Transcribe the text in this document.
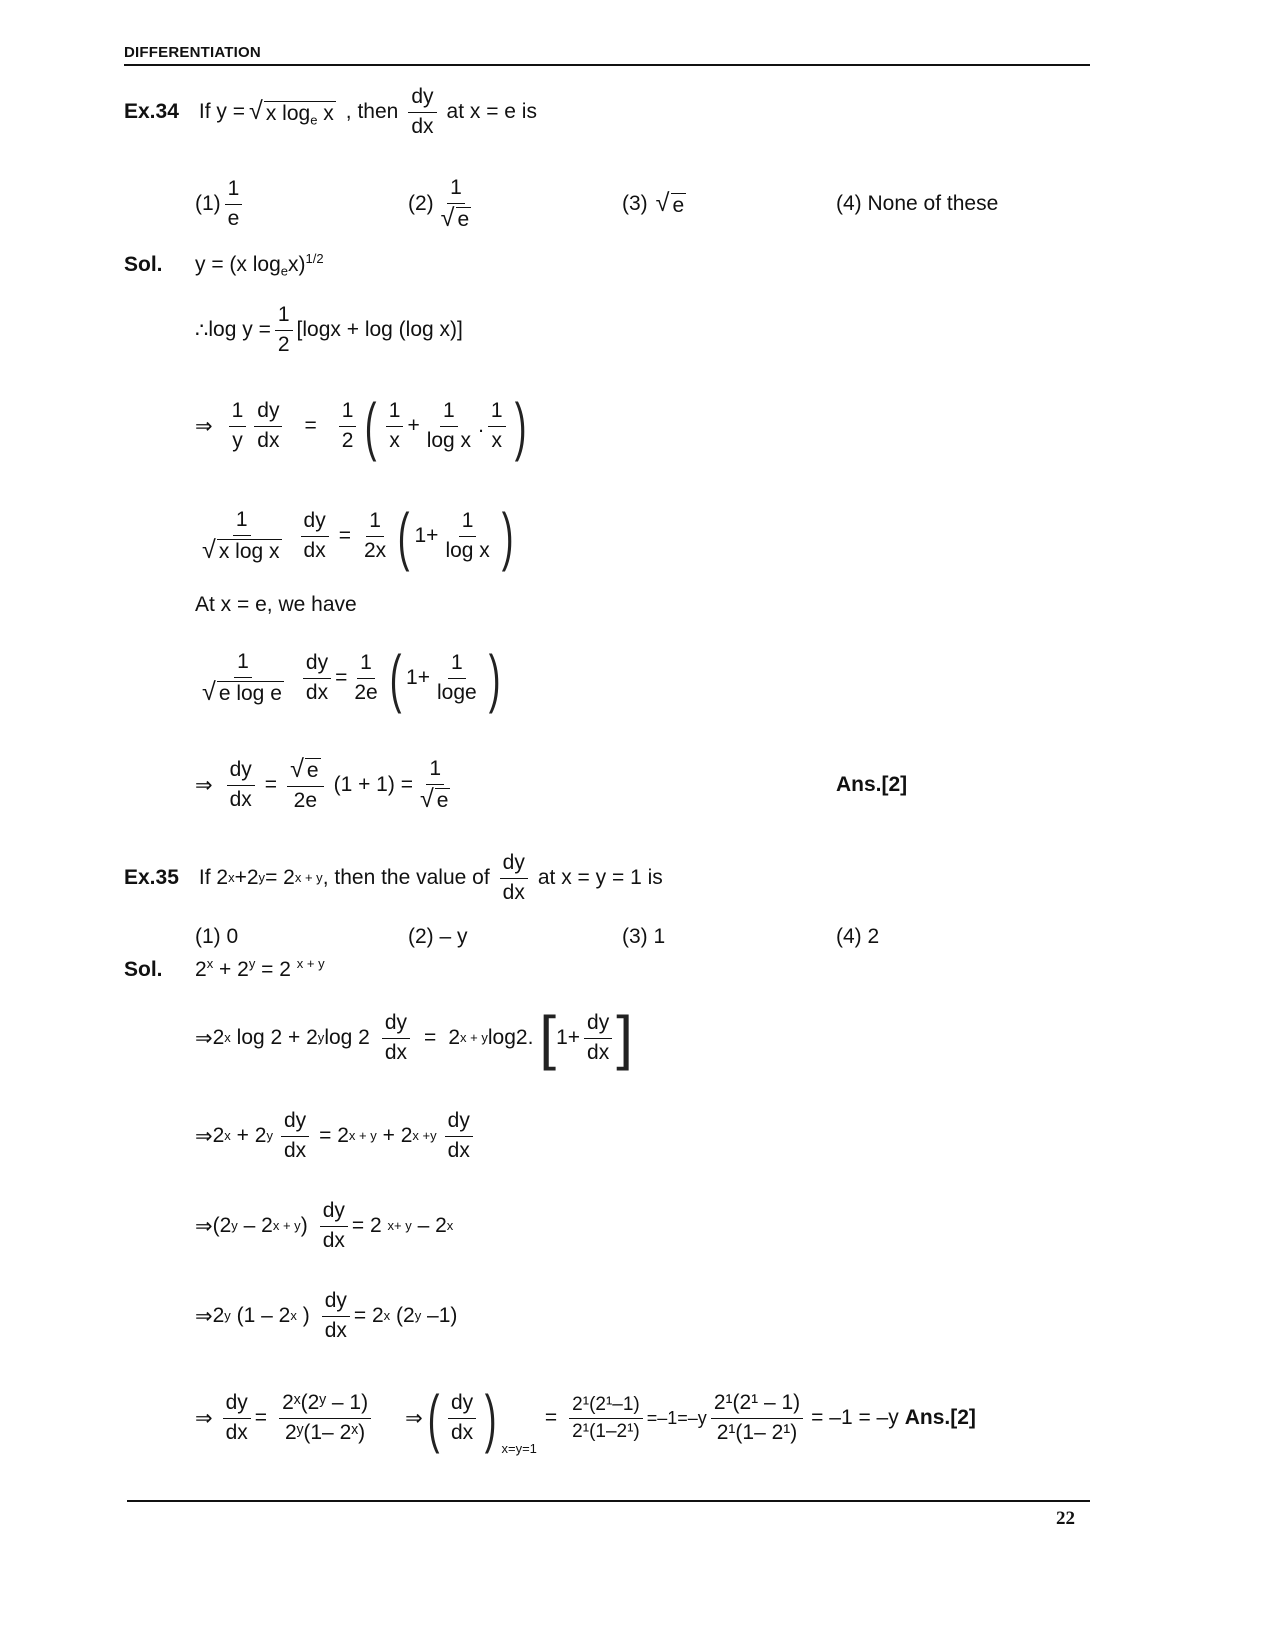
DIFFERENTIATION
Ex.34 If y = √ x $\log_e x$ , then $\frac{dy}{dx}$ at x = e is
$(1) \frac{1}{e}$	$(2) \frac{1}{√ e}$	(3) √ e	(4) None of these
Sol. y = (x $\log_ex)^{1/2}$
∴ $\log y = \frac{1}{2} [\log x + \log (\log$ x)]
⇒ $\frac{1}{y} \frac{dy}{dx} = \frac{1}{2}$ ( $\frac{1}{x} + \frac{1}{\text{log x}}$ . $\frac{1}{x}$ )
$\frac{1}{\text{√ x log x}} \frac{dy}{dx} = \frac{1}{2x}$ ( $1+ \frac{1}{\text{log x}}$ )
At x = e, we have
$\frac{1}{\text{√ e log e}} \frac{dy}{dx} = \frac{1}{2e}$ ( $1+ \frac{1}{\log e}$ )
⇒ $\frac{dy}{dx} = \frac{√ e}{2e} (1 + 1) = \frac{1}{√ e}$	Ans.[2]
Ex.35 If 2 x +2 y = 2 x + y , then the value of $\frac{dy}{dx}$ at x = y = 1 is
(1) 0	(2) – y	(3) 1	(4) 2
Sol. $2^x + 2^y = 2$ $^{x + y}$
⇒ 2 x log 2 + 2 y $\log 2 \frac{dy}{dx} = 2$ x + y log2. [ $1+ \frac{dy}{dx}$ ]
⇒ 2 x + 2 y $\frac{dy}{dx} = 2$ x + y + 2 $x +y \frac{dy}{dx}$
⇒ (2 y – 2 x + y ) $\frac{dy}{dx} = 2$ x+ y – 2 x
⇒ 2 y (1 – 2 x ) $\frac{dy}{dx} = 2$ x (2 y –1)
⇒ $\frac{dy}{dx} = \frac{\text{2ˣ(2ʸ – 1)}}{\text{2ʸ(1– 2ˣ)}}$ ⇒ ( $\frac{dy}{dx}$ ) x=y=1
= $\frac{\text{2¹(2¹–1)}}{\text{2¹(1–2¹)}} =-1=-y \frac{\text{2¹(2¹ – 1)}}{\text{2¹(1– 2¹)}} = -1 = -y$ Ans.[2]
22
